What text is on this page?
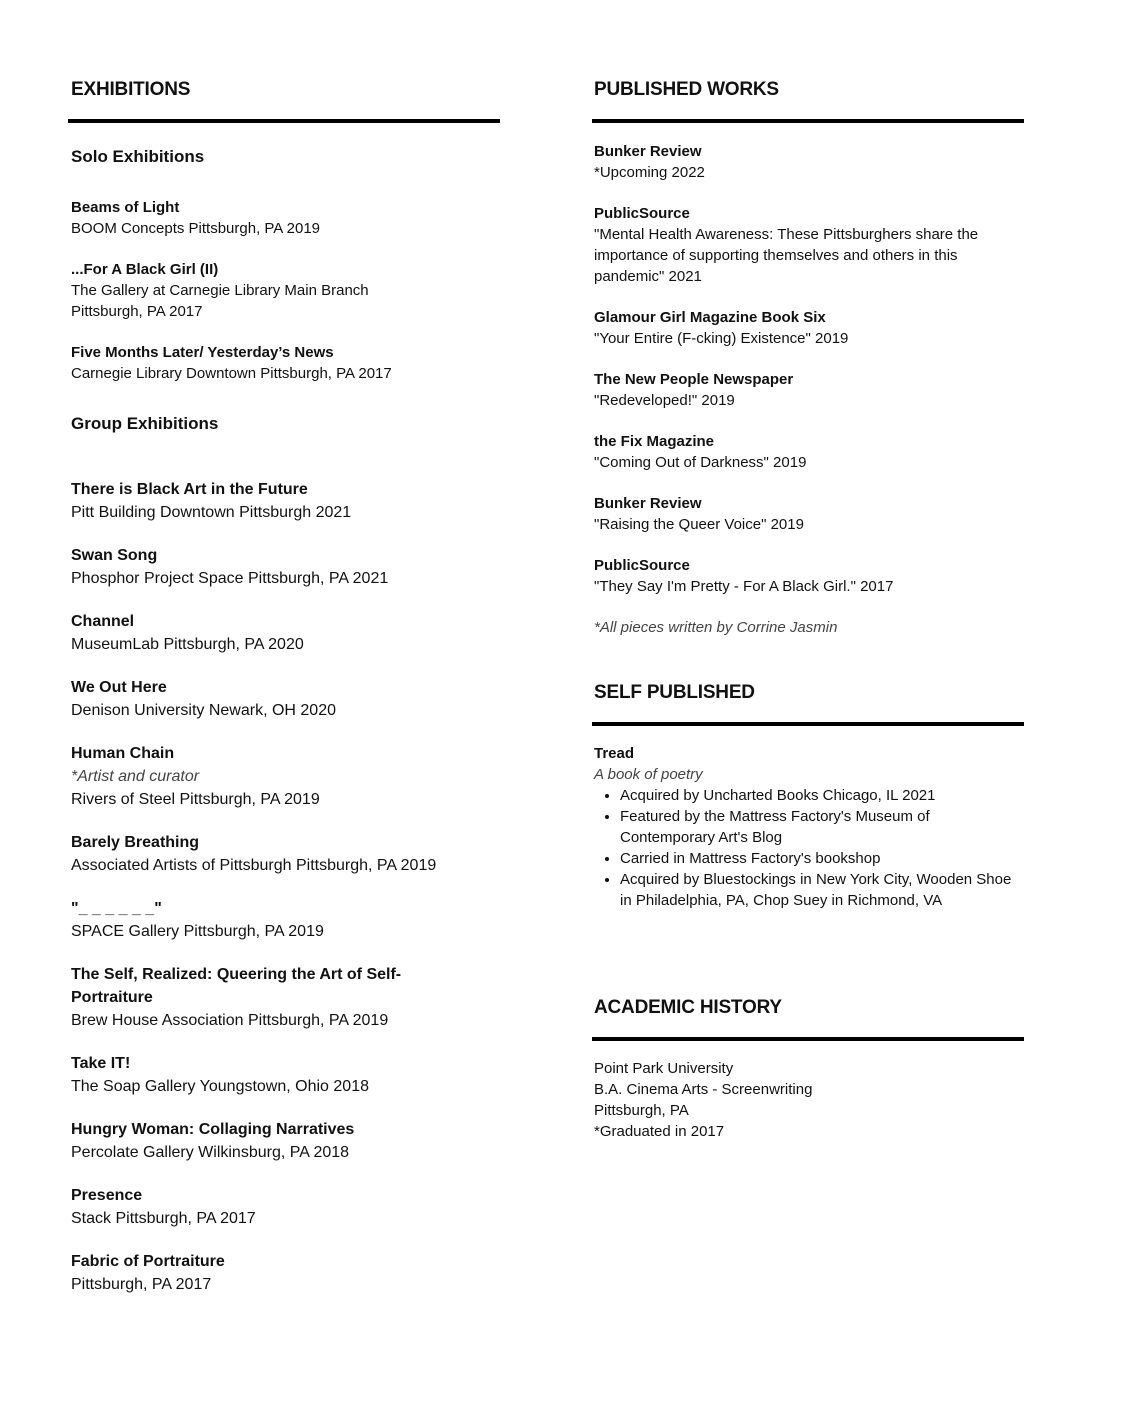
EXHIBITIONS
Solo Exhibitions
Beams of Light
BOOM Concepts Pittsburgh, PA 2019
...For A Black Girl (II)
The Gallery at Carnegie Library Main Branch
Pittsburgh, PA 2017
Five Months Later/ Yesterday’s News
Carnegie Library Downtown Pittsburgh, PA 2017
Group Exhibitions
There is Black Art in the Future
Pitt Building Downtown Pittsburgh 2021
Swan Song
Phosphor Project Space Pittsburgh, PA 2021
Channel
MuseumLab Pittsburgh, PA 2020
We Out Here
Denison University Newark, OH 2020
Human Chain
*Artist and curator
Rivers of Steel Pittsburgh, PA 2019
Barely Breathing
Associated Artists of Pittsburgh Pittsburgh, PA 2019
"_ _ _ _ _ _"
SPACE Gallery Pittsburgh, PA 2019
The Self, Realized: Queering the Art of Self-Portraiture
Brew House Association Pittsburgh, PA 2019
Take IT!
The Soap Gallery Youngstown, Ohio 2018
Hungry Woman: Collaging Narratives
Percolate Gallery Wilkinsburg, PA 2018
Presence
Stack Pittsburgh, PA 2017
Fabric of Portraiture
Pittsburgh, PA 2017
PUBLISHED WORKS
Bunker Review
*Upcoming 2022
PublicSource
"Mental Health Awareness: These Pittsburghers share the importance of supporting themselves and others in this pandemic" 2021
Glamour Girl Magazine Book Six
"Your Entire (F-cking) Existence" 2019
The New People Newspaper
"Redeveloped!" 2019
the Fix Magazine
"Coming Out of Darkness" 2019
Bunker Review
"Raising the Queer Voice" 2019
PublicSource
"They Say I'm Pretty - For A Black Girl." 2017
*All pieces written by Corrine Jasmin
SELF PUBLISHED
Tread
A book of poetry
• Acquired by Uncharted Books Chicago, IL 2021
• Featured by the Mattress Factory's Museum of Contemporary Art's Blog
• Carried in Mattress Factory's bookshop
• Acquired by Bluestockings in New York City, Wooden Shoe in Philadelphia, PA, Chop Suey in Richmond, VA
ACADEMIC HISTORY
Point Park University
B.A. Cinema Arts - Screenwriting
Pittsburgh, PA
*Graduated in 2017
